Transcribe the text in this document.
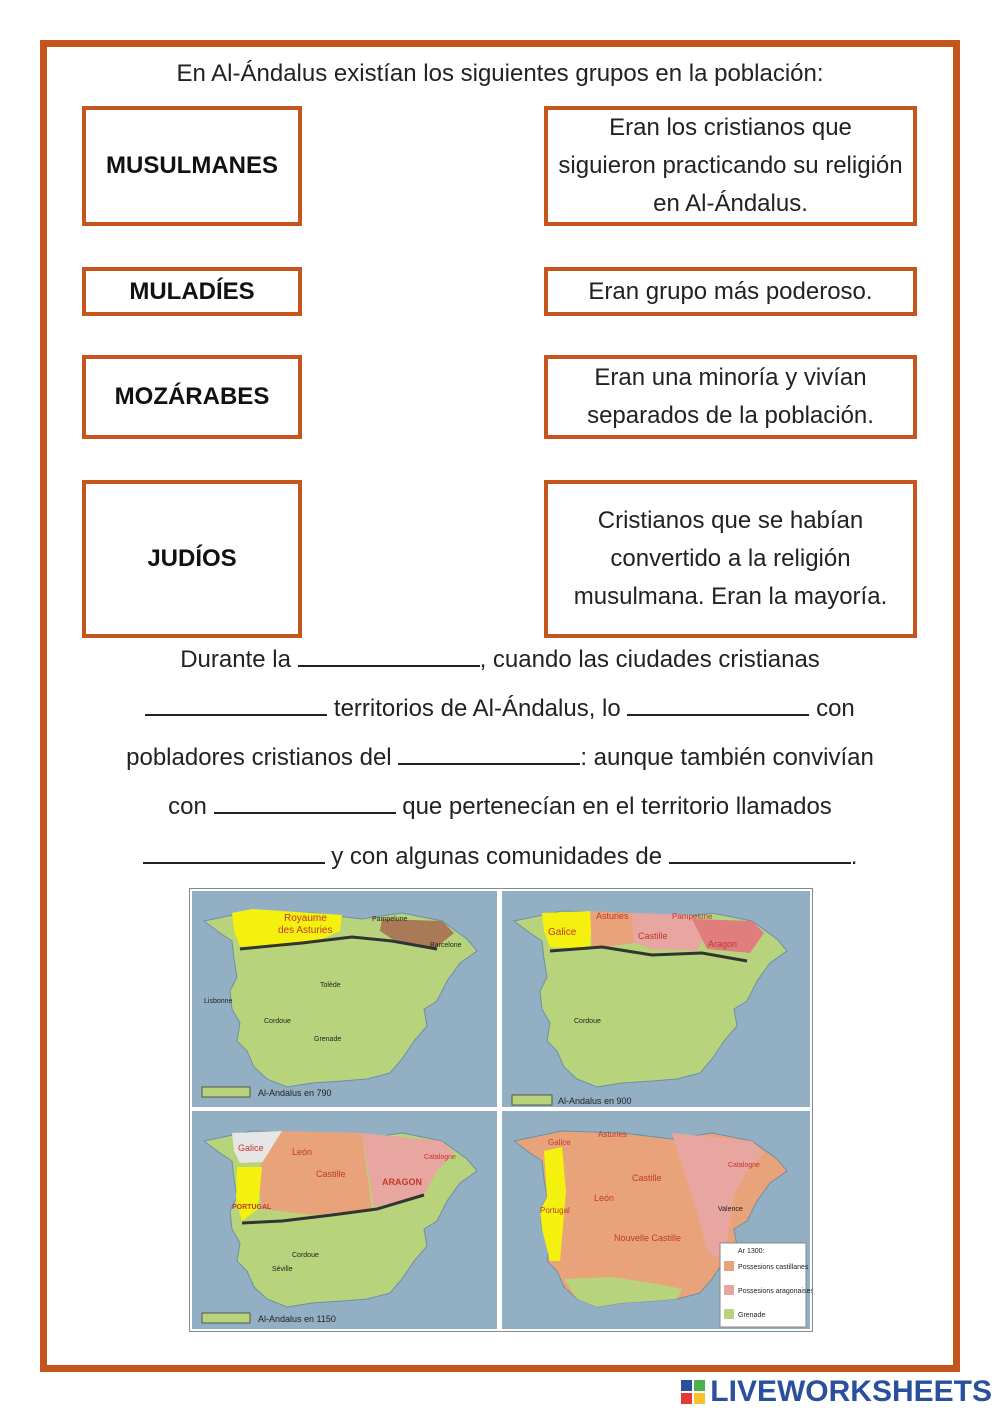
En Al-Ándalus existían los siguientes grupos en la población:
MUSULMANES
MULADÍES
MOZÁRABES
JUDÍOS
Eran los cristianos que siguieron practicando su religión en Al-Ándalus.
Eran grupo más poderoso.
Eran una minoría y vivían separados de la población.
Cristianos que se habían convertido a la religión musulmana. Eran la mayoría.
Durante la	, cuando las ciudades cristianas
territorios de Al-Ándalus, lo	con
pobladores cristianos del	: aunque también convivían
con	que pertenecían en el territorio llamados
y con algunas comunidades de	.
Royaume
des Asturies
Pampelune
Barcelone
Tolède
Cordoue
Lisbonne
Grenade
Al-Andalus en 790
Galice
Asturies
Castille
Aragon
Pampelune
Cordoue
Al-Andalus en 900
Galice	León
Castille
ARAGON
Catalogne
PORTUGAL
Cordoue
Séville
Al-Andalus en 1150
Galice
Asturies
Castille
León
Portugal
Nouvelle Castille
Catalogne
Valence
Ar 1300:
Possesions castillanes
Possesions aragonaises
Grenade
LIVEWORKSHEETS
